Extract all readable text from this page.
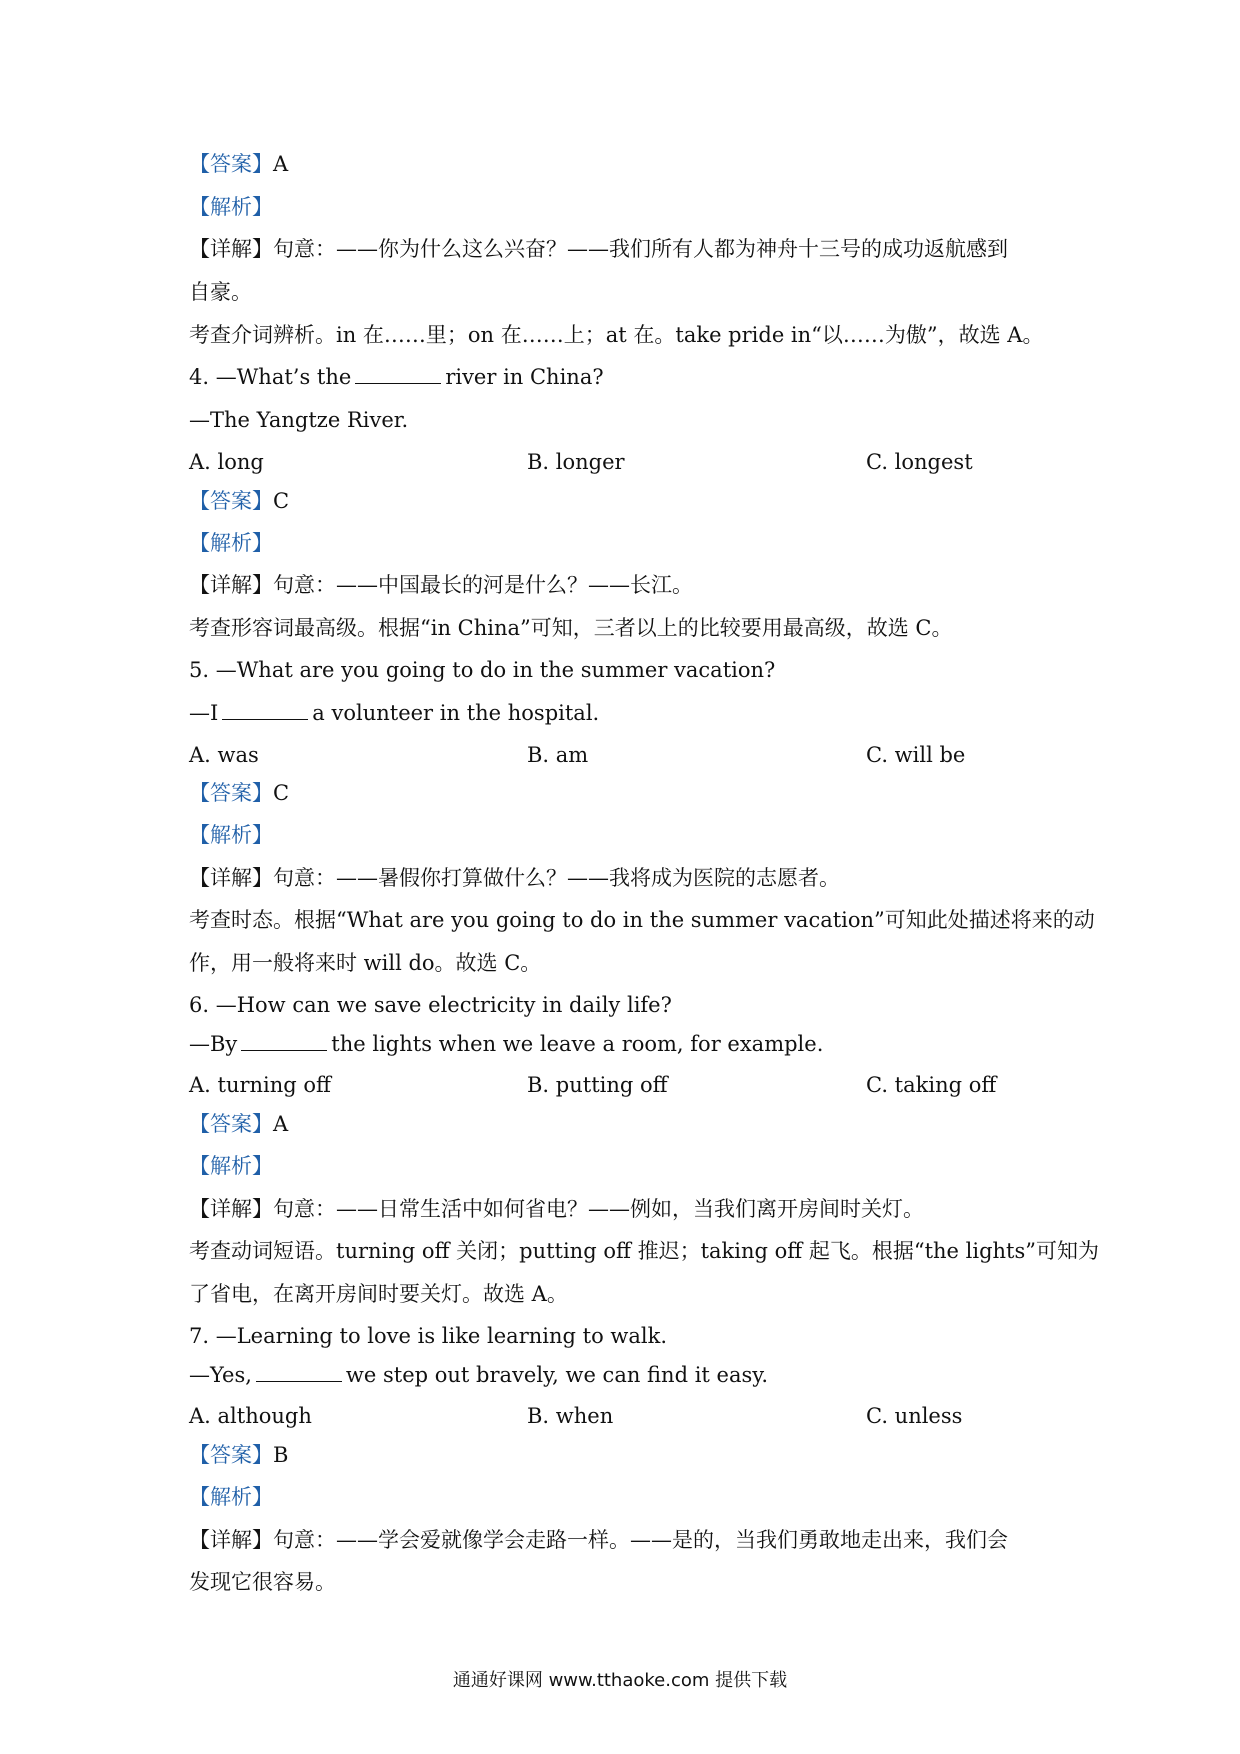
【答案】A
【解析】
【详解】句意：——你为什么这么兴奋？——我们所有人都为神舟十三号的成功返航感到
自豪。
考查介词辨析。in 在……里；on 在……上；at 在。take pride in“以……为傲”，故选 A。
4. —What’s the	river in China?
—The Yangtze River.
A. long	B. longer	C. longest
【答案】C
【解析】
【详解】句意：——中国最长的河是什么？——长江。
考查形容词最高级。根据“in China”可知，三者以上的比较要用最高级，故选 C。
5. —What are you going to do in the summer vacation?
—I	a volunteer in the hospital.
A. was	B. am	C. will be
【答案】C
【解析】
【详解】句意：——暑假你打算做什么？——我将成为医院的志愿者。
考查时态。根据“What are you going to do in the summer vacation”可知此处描述将来的动
作，用一般将来时 will do。故选 C。
6. —How can we save electricity in daily life?
—By	the lights when we leave a room, for example.
A. turning off	B. putting off	C. taking off
【答案】A
【解析】
【详解】句意：——日常生活中如何省电？——例如，当我们离开房间时关灯。
考查动词短语。turning off 关闭；putting off 推迟；taking off 起飞。根据“the lights”可知为
了省电，在离开房间时要关灯。故选 A。
7. —Learning to love is like learning to walk.
—Yes,	we step out bravely, we can find it easy.
A. although	B. when	C. unless
【答案】B
【解析】
【详解】句意：——学会爱就像学会走路一样。——是的，当我们勇敢地走出来，我们会
发现它很容易。
通通好课网 www.tthaoke.com 提供下载
